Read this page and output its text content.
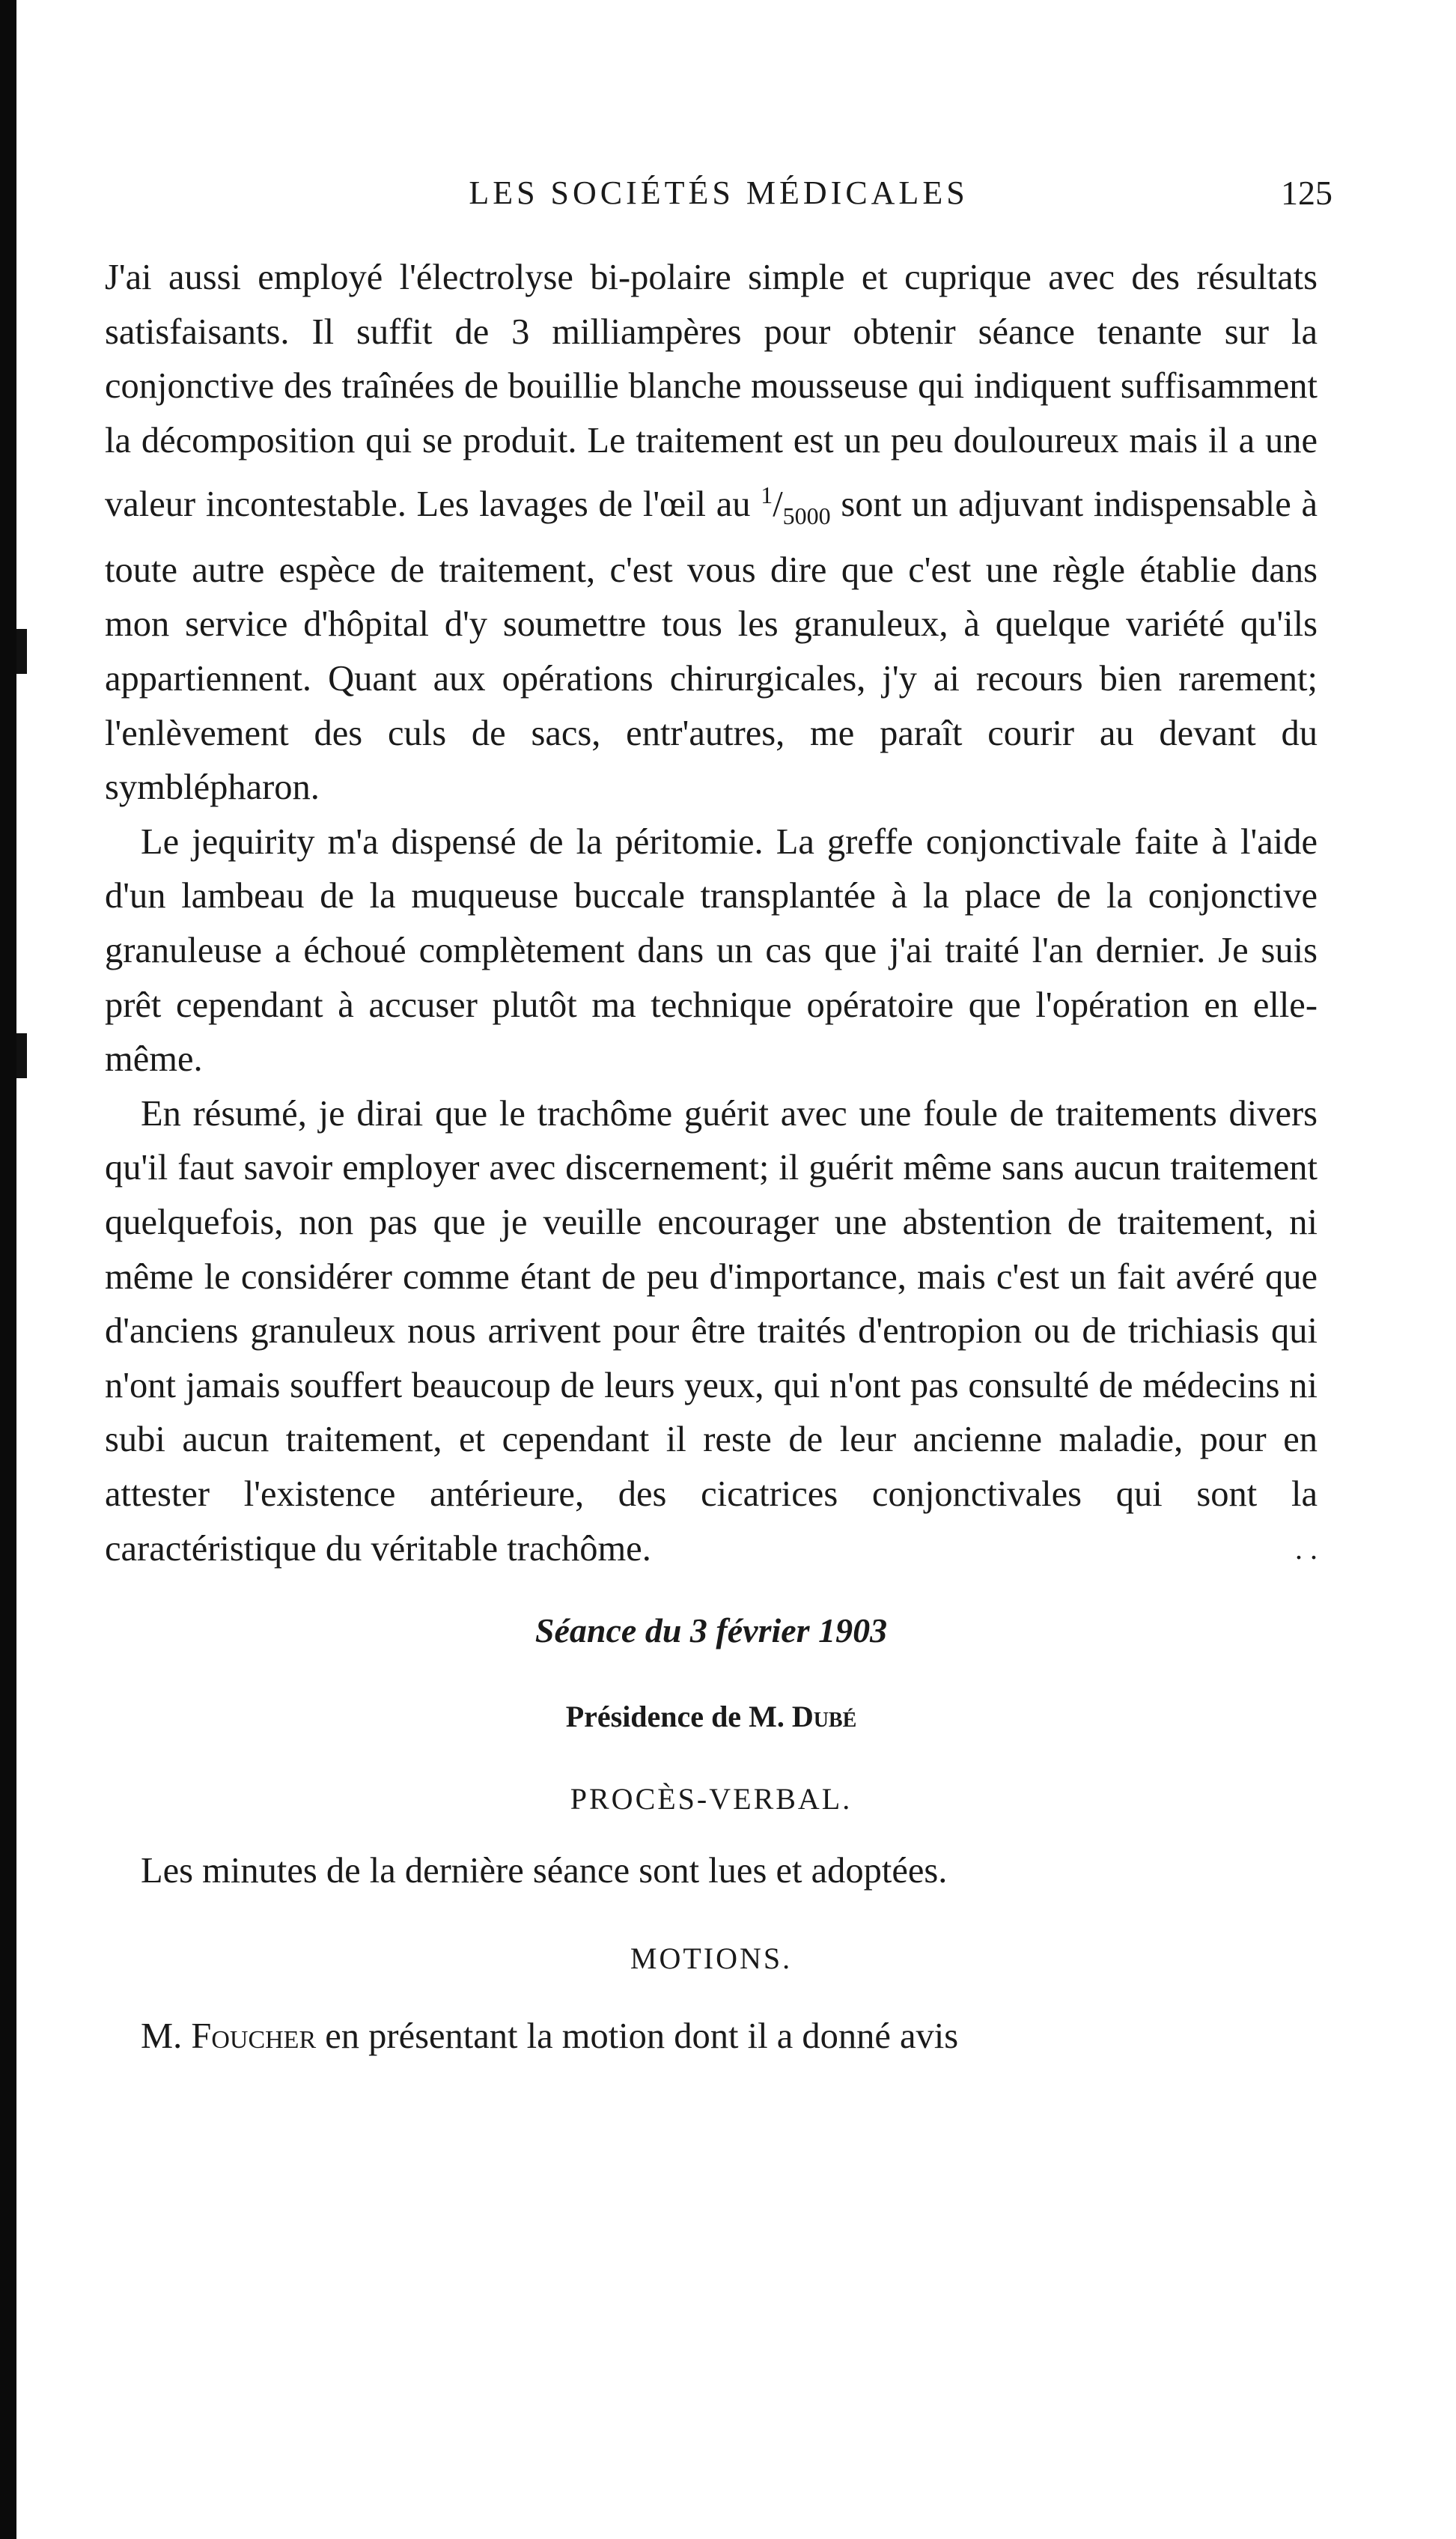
LES SOCIÉTÉS MÉDICALES	125

J'ai aussi employé l'électrolyse bi-polaire simple et cuprique avec des résultats satisfaisants. Il suffit de 3 milliampères pour obtenir séance tenante sur la conjonctive des traînées de bouillie blanche mousseuse qui indiquent suffisamment la décomposition qui se produit. Le traitement est un peu douloureux mais il a une valeur incontestable. Les lavages de l'œil au $^1/_{5000}$ sont un adjuvant indispensable à toute autre espèce de traitement, c'est vous dire que c'est une règle établie dans mon service d'hôpital d'y soumettre tous les granuleux, à quelque variété qu'ils appartiennent. Quant aux opérations chirurgicales, j'y ai recours bien rarement; l'enlèvement des culs de sacs, entr'autres, me paraît courir au devant du symblépharon.

Le jequirity m'a dispensé de la péritomie. La greffe conjonctivale faite à l'aide d'un lambeau de la muqueuse buccale transplantée à la place de la conjonctive granuleuse a échoué complètement dans un cas que j'ai traité l'an dernier. Je suis prêt cependant à accuser plutôt ma technique opératoire que l'opération en elle-même.

En résumé, je dirai que le trachôme guérit avec une foule de traitements divers qu'il faut savoir employer avec discernement; il guérit même sans aucun traitement quelquefois, non pas que je veuille encourager une abstention de traitement, ni même le considérer comme étant de peu d'importance, mais c'est un fait avéré que d'anciens granuleux nous arrivent pour être traités d'entropion ou de trichiasis qui n'ont jamais souffert beaucoup de leurs yeux, qui n'ont pas consulté de médecins ni subi aucun traitement, et cependant il reste de leur ancienne maladie, pour en attester l'existence antérieure, des cicatrices conjonctivales qui sont la caractéristique du véritable trachôme.	. .

Séance du 3 février 1903

Présidence de M. Dubé

PROCÈS-VERBAL.

Les minutes de la dernière séance sont lues et adoptées.

MOTIONS.

M. Foucher en présentant la motion dont il a donné avis
